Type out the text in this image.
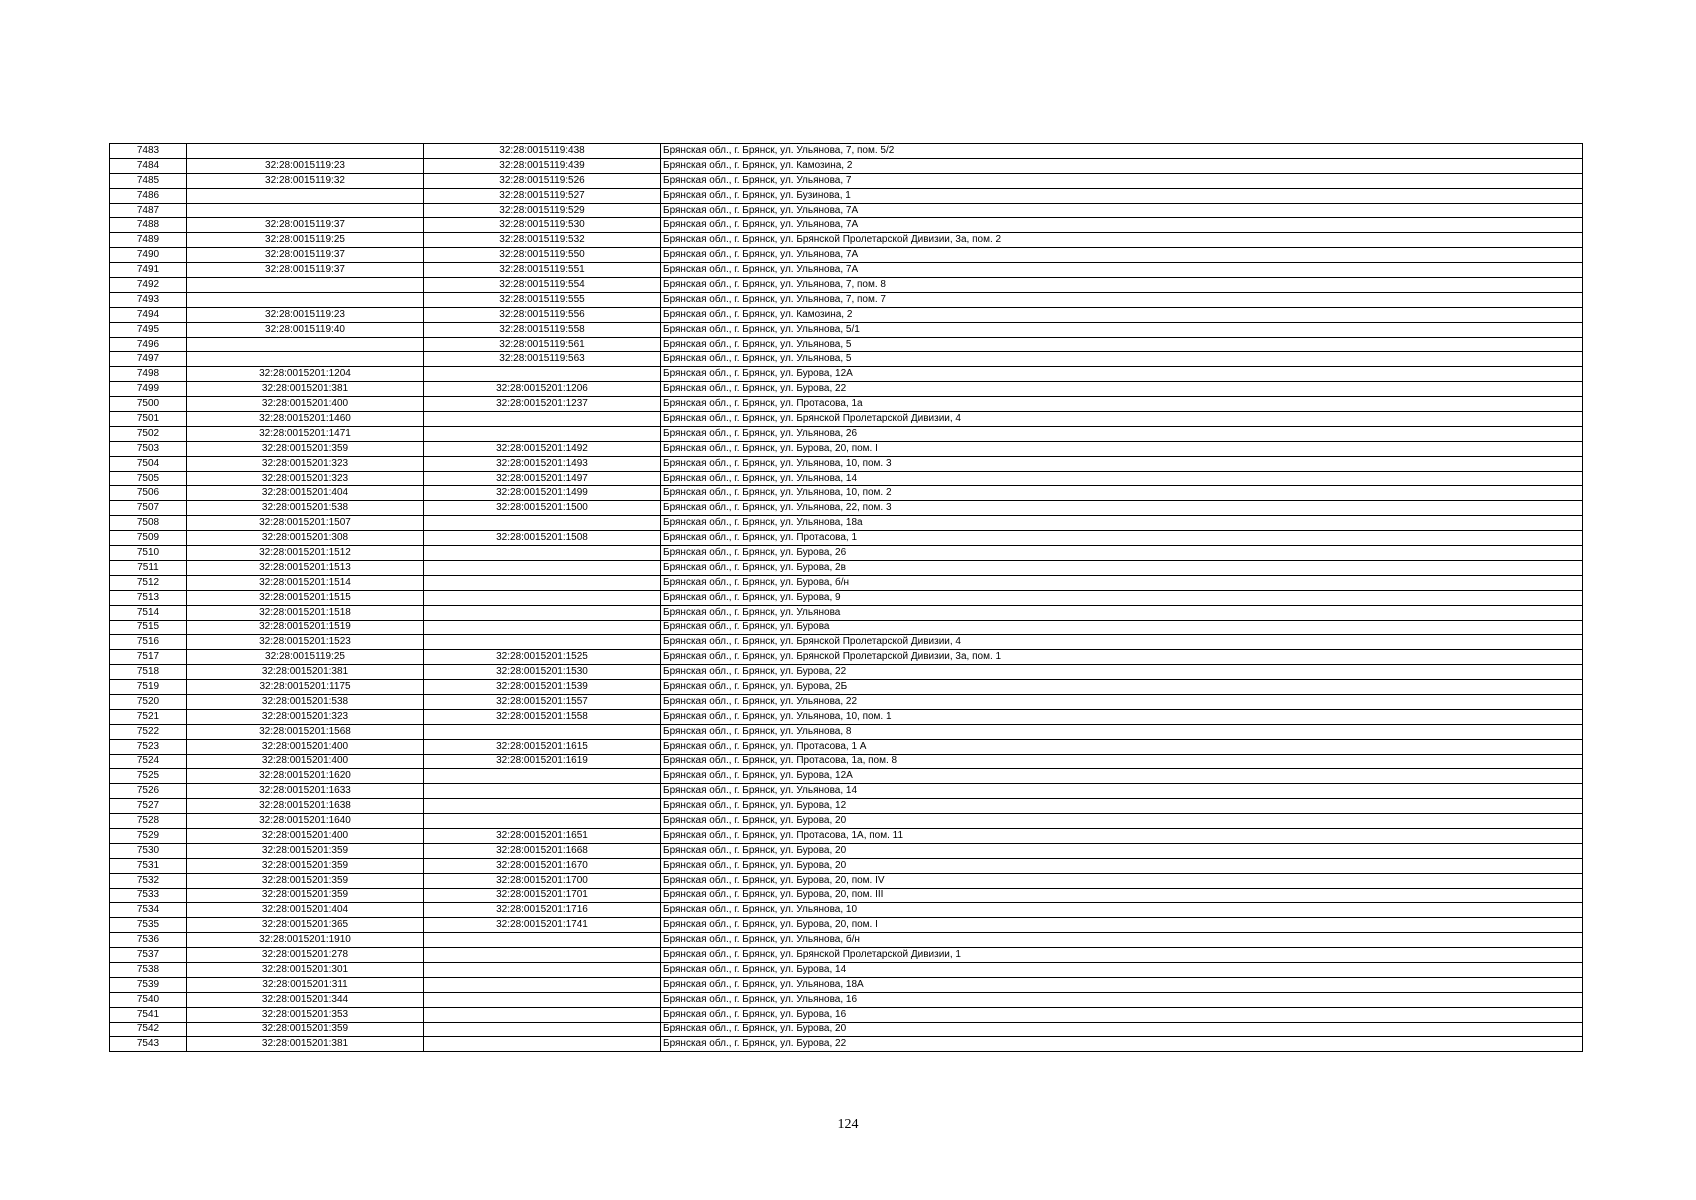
7483		32:28:0015119:438	Брянская обл., г. Брянск, ул. Ульянова, 7, пом. 5/2
7484	32:28:0015119:23	32:28:0015119:439	Брянская обл., г. Брянск, ул. Камозина, 2
7485	32:28:0015119:32	32:28:0015119:526	Брянская обл., г. Брянск, ул. Ульянова, 7
7486		32:28:0015119:527	Брянская обл., г. Брянск, ул. Бузинова, 1
7487		32:28:0015119:529	Брянская обл., г. Брянск, ул. Ульянова, 7А
7488	32:28:0015119:37	32:28:0015119:530	Брянская обл., г. Брянск, ул. Ульянова, 7А
7489	32:28:0015119:25	32:28:0015119:532	Брянская обл., г. Брянск, ул. Брянской Пролетарской Дивизии, 3а, пом. 2
7490	32:28:0015119:37	32:28:0015119:550	Брянская обл., г. Брянск, ул. Ульянова, 7А
7491	32:28:0015119:37	32:28:0015119:551	Брянская обл., г. Брянск, ул. Ульянова, 7А
7492		32:28:0015119:554	Брянская обл., г. Брянск, ул. Ульянова, 7, пом. 8
7493		32:28:0015119:555	Брянская обл., г. Брянск, ул. Ульянова, 7, пом. 7
7494	32:28:0015119:23	32:28:0015119:556	Брянская обл., г. Брянск, ул. Камозина, 2
7495	32:28:0015119:40	32:28:0015119:558	Брянская обл., г. Брянск, ул. Ульянова, 5/1
7496		32:28:0015119:561	Брянская обл., г. Брянск, ул. Ульянова, 5
7497		32:28:0015119:563	Брянская обл., г. Брянск, ул. Ульянова, 5
7498	32:28:0015201:1204		Брянская обл., г. Брянск, ул. Бурова, 12А
7499	32:28:0015201:381	32:28:0015201:1206	Брянская обл., г. Брянск, ул. Бурова, 22
7500	32:28:0015201:400	32:28:0015201:1237	Брянская обл., г. Брянск, ул. Протасова, 1а
7501	32:28:0015201:1460		Брянская обл., г. Брянск, ул. Брянской Пролетарской Дивизии, 4
7502	32:28:0015201:1471		Брянская обл., г. Брянск, ул. Ульянова, 26
7503	32:28:0015201:359	32:28:0015201:1492	Брянская обл., г. Брянск, ул. Бурова, 20, пом. I
7504	32:28:0015201:323	32:28:0015201:1493	Брянская обл., г. Брянск, ул. Ульянова, 10, пом. 3
7505	32:28:0015201:323	32:28:0015201:1497	Брянская обл., г. Брянск, ул. Ульянова, 14
7506	32:28:0015201:404	32:28:0015201:1499	Брянская обл., г. Брянск, ул. Ульянова, 10, пом. 2
7507	32:28:0015201:538	32:28:0015201:1500	Брянская обл., г. Брянск, ул. Ульянова, 22, пом. 3
7508	32:28:0015201:1507		Брянская обл., г. Брянск, ул. Ульянова, 18а
7509	32:28:0015201:308	32:28:0015201:1508	Брянская обл., г. Брянск, ул. Протасова, 1
7510	32:28:0015201:1512		Брянская обл., г. Брянск, ул. Бурова, 26
7511	32:28:0015201:1513		Брянская обл., г. Брянск, ул. Бурова, 2в
7512	32:28:0015201:1514		Брянская обл., г. Брянск, ул. Бурова, б/н
7513	32:28:0015201:1515		Брянская обл., г. Брянск, ул. Бурова, 9
7514	32:28:0015201:1518		Брянская обл., г. Брянск, ул. Ульянова
7515	32:28:0015201:1519		Брянская обл., г. Брянск, ул. Бурова
7516	32:28:0015201:1523		Брянская обл., г. Брянск, ул. Брянской Пролетарской Дивизии, 4
7517	32:28:0015119:25	32:28:0015201:1525	Брянская обл., г. Брянск, ул. Брянской Пролетарской Дивизии, 3а, пом. 1
7518	32:28:0015201:381	32:28:0015201:1530	Брянская обл., г. Брянск, ул. Бурова, 22
7519	32:28:0015201:1175	32:28:0015201:1539	Брянская обл., г. Брянск, ул. Бурова, 2Б
7520	32:28:0015201:538	32:28:0015201:1557	Брянская обл., г. Брянск, ул. Ульянова, 22
7521	32:28:0015201:323	32:28:0015201:1558	Брянская обл., г. Брянск, ул. Ульянова, 10, пом. 1
7522	32:28:0015201:1568		Брянская обл., г. Брянск, ул. Ульянова, 8
7523	32:28:0015201:400	32:28:0015201:1615	Брянская обл., г. Брянск, ул. Протасова, 1 А
7524	32:28:0015201:400	32:28:0015201:1619	Брянская обл., г. Брянск, ул. Протасова, 1а, пом. 8
7525	32:28:0015201:1620		Брянская обл., г. Брянск, ул. Бурова, 12А
7526	32:28:0015201:1633		Брянская обл., г. Брянск, ул. Ульянова, 14
7527	32:28:0015201:1638		Брянская обл., г. Брянск, ул. Бурова, 12
7528	32:28:0015201:1640		Брянская обл., г. Брянск, ул. Бурова, 20
7529	32:28:0015201:400	32:28:0015201:1651	Брянская обл., г. Брянск, ул. Протасова, 1А, пом. 11
7530	32:28:0015201:359	32:28:0015201:1668	Брянская обл., г. Брянск, ул. Бурова, 20
7531	32:28:0015201:359	32:28:0015201:1670	Брянская обл., г. Брянск, ул. Бурова, 20
7532	32:28:0015201:359	32:28:0015201:1700	Брянская обл., г. Брянск, ул. Бурова, 20, пом. IV
7533	32:28:0015201:359	32:28:0015201:1701	Брянская обл., г. Брянск, ул. Бурова, 20, пом. III
7534	32:28:0015201:404	32:28:0015201:1716	Брянская обл., г. Брянск, ул. Ульянова, 10
7535	32:28:0015201:365	32:28:0015201:1741	Брянская обл., г. Брянск, ул. Бурова, 20, пом. I
7536	32:28:0015201:1910		Брянская обл., г. Брянск, ул. Ульянова, б/н
7537	32:28:0015201:278		Брянская обл., г. Брянск, ул. Брянской Пролетарской Дивизии, 1
7538	32:28:0015201:301		Брянская обл., г. Брянск, ул. Бурова, 14
7539	32:28:0015201:311		Брянская обл., г. Брянск, ул. Ульянова, 18А
7540	32:28:0015201:344		Брянская обл., г. Брянск, ул. Ульянова, 16
7541	32:28:0015201:353		Брянская обл., г. Брянск, ул. Бурова, 16
7542	32:28:0015201:359		Брянская обл., г. Брянск, ул. Бурова, 20
7543	32:28:0015201:381		Брянская обл., г. Брянск, ул. Бурова, 22
124
